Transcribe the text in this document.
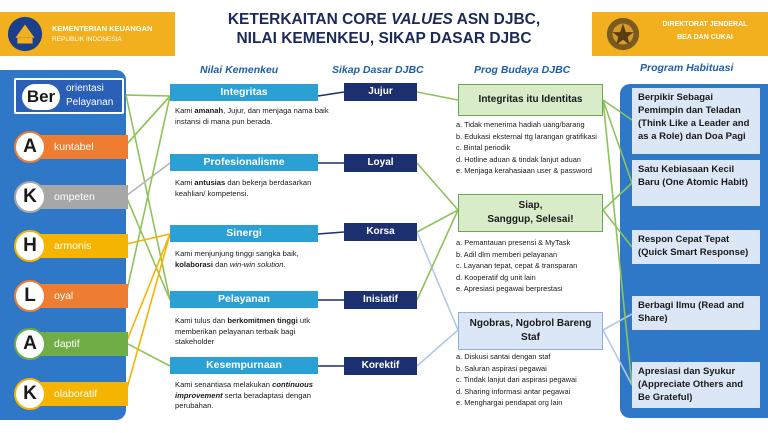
KEMENTERIAN KEUANGAN
REPUBLIK INDONESIA
KETERKAITAN CORE VALUES ASN DJBC,
NILAI KEMENKEU, SIKAP DASAR DJBC
DIREKTORAT JENDERAL
BEA DAN CUKAI
Nilai Kemenkeu	Sikap Dasar DJBC	Prog Budaya DJBC	Program Habituasi
Ber	orientasi
Pelayanan
kuntabel
A
ompeten
K
armonis
H
oyal
L
daptif
A
olaboratif
K
Integritas
Kami amanah, Jujur, dan menjaga nama baik instansi di mana pun berada.
Profesionalisme
Kami antusias dan bekerja berdasarkan keahlian/ kompetensi.
Sinergi
Kami menjunjung tinggi sangka baik, kolaborasi dan win-win solution.
Pelayanan
Kami tulus dan berkomitmen tinggi utk memberikan pelayanan terbaik bagi stakeholder
Kesempurnaan
Kami senantiasa melakukan continuous improvement serta beradaptasi dengan perubahan.
Jujur
Loyal
Korsa
Inisiatif
Korektif
Integritas itu Identitas
a. Tidak menerima hadiah uang/barang
b. Edukasi eksternal ttg larangan gratifikasi
c. Bintal periodik
d. Hotline aduan & tindak lanjut aduan
e. Menjaga kerahasiaan user & password
Siap,
Sanggup, Selesai!
a. Pemantauan presensi & MyTask
b. Adil dlm memberi pelayanan
c. Layanan tepat, cepat & transparan
d. Kooperatif dg unit lain
e. Apresiasi pegawai berprestasi
Ngobras, Ngobrol Bareng
Staf
a. Diskusi santai dengan staf
b. Saluran aspirasi pegawai
c. Tindak lanjut dari aspirasi pegawai
d. Sharing informasi antar pegawai
e. Menghargai pendapat org lain
Berpikir Sebagai Pemimpin dan Teladan (Think Like a Leader and as a Role) dan Doa Pagi
Satu Kebiasaan Kecil Baru (One Atomic Habit)
Respon Cepat Tepat (Quick Smart Response)
Berbagi Ilmu (Read and Share)
Apresiasi dan Syukur (Appreciate Others and Be Grateful)
